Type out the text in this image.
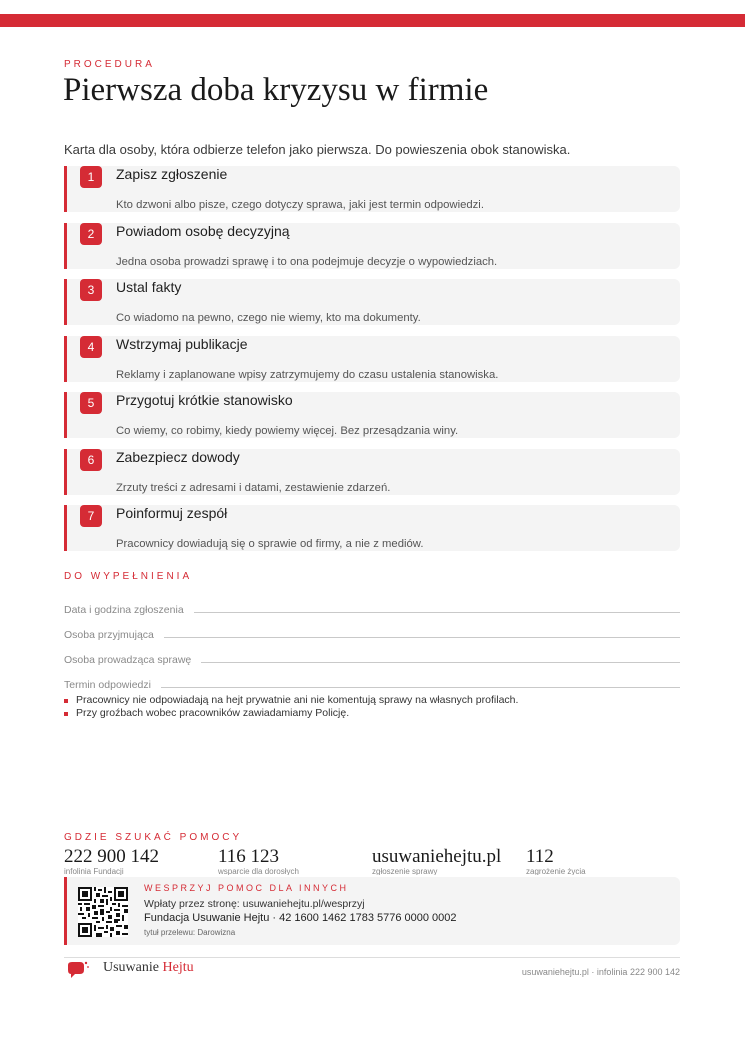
PROCEDURA
Pierwsza doba kryzysu w firmie
Karta dla osoby, która odbierze telefon jako pierwsza. Do powieszenia obok stanowiska.
1	Zapisz zgłoszenie
Kto dzwoni albo pisze, czego dotyczy sprawa, jaki jest termin odpowiedzi.
2	Powiadom osobę decyzyjną
Jedna osoba prowadzi sprawę i to ona podejmuje decyzje o wypowiedziach.
3	Ustal fakty
Co wiadomo na pewno, czego nie wiemy, kto ma dokumenty.
4	Wstrzymaj publikacje
Reklamy i zaplanowane wpisy zatrzymujemy do czasu ustalenia stanowiska.
5	Przygotuj krótkie stanowisko
Co wiemy, co robimy, kiedy powiemy więcej. Bez przesądzania winy.
6	Zabezpiecz dowody
Zrzuty treści z adresami i datami, zestawienie zdarzeń.
7	Poinformuj zespół
Pracownicy dowiadują się o sprawie od firmy, a nie z mediów.
DO WYPEŁNIENIA
Data i godzina zgłoszenia
Osoba przyjmująca
Osoba prowadząca sprawę
Termin odpowiedzi
Pracownicy nie odpowiadają na hejt prywatnie ani nie komentują sprawy na własnych profilach.
Przy groźbach wobec pracowników zawiadamiamy Policję.
GDZIE SZUKAĆ POMOCY
222 900 142
infolinia Fundacji
116 123
wsparcie dla dorosłych
usuwaniehejtu.pl
zgłoszenie sprawy
112
zagrożenie życia
WESPRZYJ POMOC DLA INNYCH
Wpłaty przez stronę: usuwaniehejtu.pl/wesprzyj
Fundacja Usuwanie Hejtu · 42 1600 1462 1783 5776 0000 0002
tytuł przelewu: Darowizna
Usuwanie Hejtu	usuwaniehejtu.pl · infolinia 222 900 142
